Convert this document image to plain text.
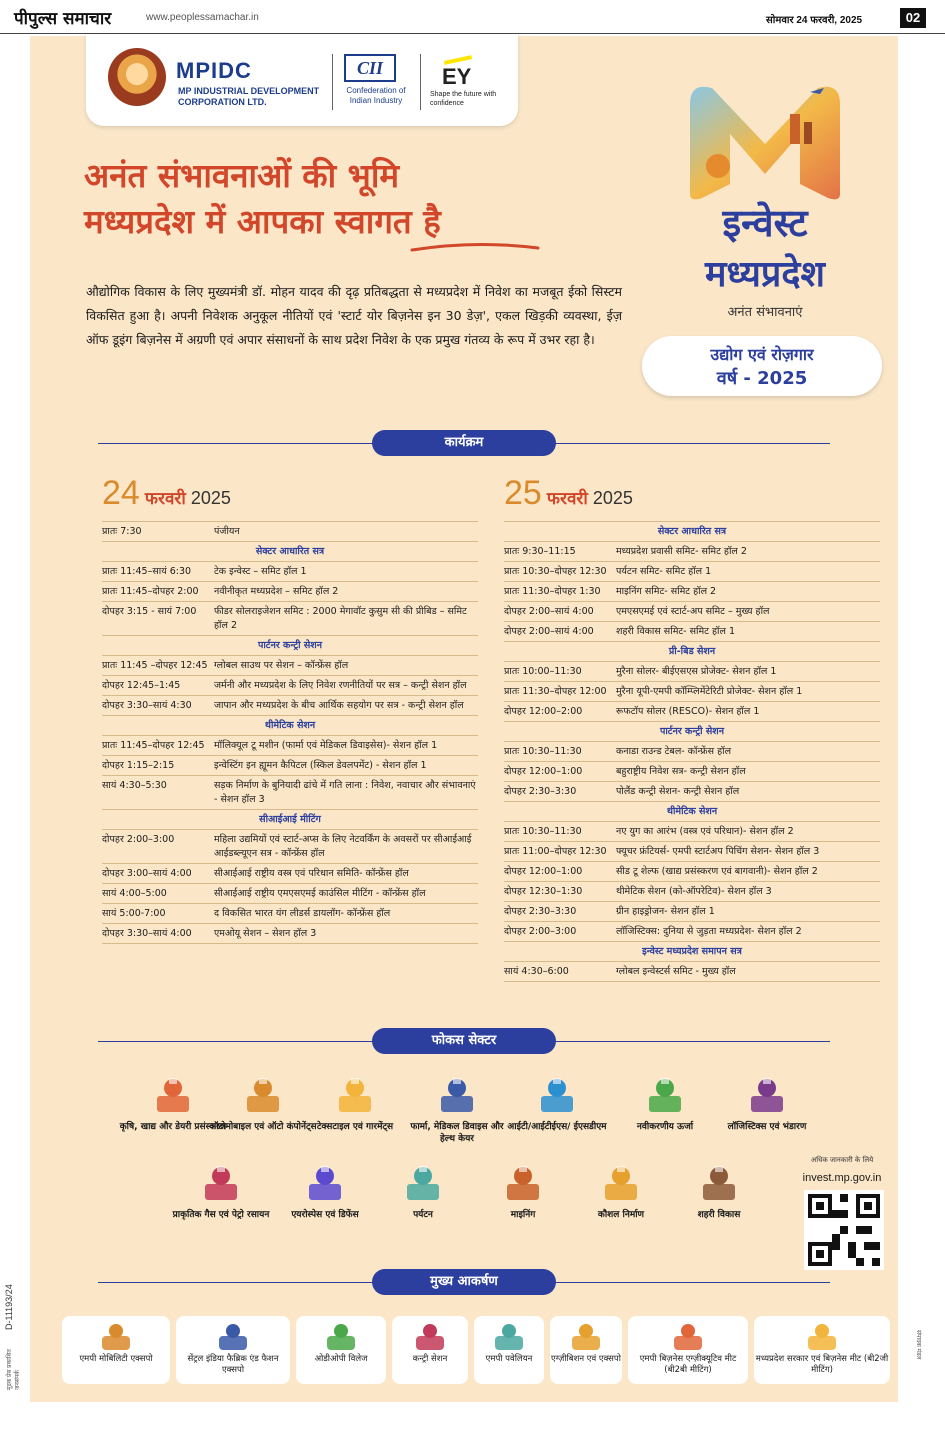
पीपुल्स समाचार	www.peoplessamachar.in	सोमवार 24 फरवरी, 2025	02
D-11193/24
मुद्रक प्रेस प्रकाशित जनसंपर्क
संपादक मंडल
MPIDC
MP INDUSTRIAL DEVELOPMENT CORPORATION LTD.
CII
Confederation of Indian Industry
EY
Shape the future with confidence
अनंत संभावनाओं की भूमि
मध्यप्रदेश में आपका स्वागत है
औद्योगिक विकास के लिए मुख्यमंत्री डॉ. मोहन यादव की दृढ़ प्रतिबद्धता से मध्यप्रदेश में निवेश का मजबूत ईको सिस्टम विकसित हुआ है। अपनी निवेशक अनुकूल नीतियों एवं 'स्टार्ट योर बिज़नेस इन 30 डेज़', एकल खिड़की व्यवस्था, ईज़ ऑफ डूइंग बिज़नेस में अग्रणी एवं अपार संसाधनों के साथ प्रदेश निवेश के एक प्रमुख गंतव्य के रूप में उभर रहा है।
इन्वेस्ट
मध्यप्रदेश
अनंत संभावनाएं
उद्योग एवं रोज़गार
वर्ष - 2025
कार्यक्रम
24 फरवरी 2025
प्रातः 7:30	पंजीयन
सेक्टर आधारित सत्र
प्रातः 11:45–सायं 6:30	टेक इन्वेस्ट – समिट हॉल 1
प्रातः 11:45–दोपहर 2:00	नवीनीकृत मध्यप्रदेश – समिट हॉल 2
दोपहर 3:15 - सायं 7:00	फीडर सोलराइजेशन समिट : 2000 मेगावॉट कुसुम सी की प्रीबिड – समिट हॉल 2
पार्टनर कन्ट्री सेशन
प्रातः 11:45 –दोपहर 12:45 ग्लोबल साउथ पर सेशन – कॉन्फ्रेंस हॉल
दोपहर 12:45–1:45	जर्मनी और मध्यप्रदेश के लिए निवेश रणनीतियों पर सत्र – कन्ट्री सेशन हॉल
दोपहर 3:30–सायं 4:30	जापान और मध्यप्रदेश के बीच आर्थिक सहयोग पर सत्र - कन्ट्री सेशन हॉल
थीमेटिक सेशन
प्रातः 11:45–दोपहर 12:45 मॉलिक्यूल टू मशीन (फार्मा एवं मेडिकल डिवाइसेस)- सेशन हॉल 1
दोपहर 1:15–2:15	इन्वेस्टिंग इन ह्यूमन कैपिटल (स्किल डेवलपमेंट) - सेशन हॉल 1
सायं 4:30–5:30	सड़क निर्माण के बुनियादी ढांचे में गति लाना : निवेश, नवाचार और संभावनाएं - सेशन हॉल 3
सीआईआई मीटिंग
दोपहर 2:00–3:00	महिला उद्यमियों एवं स्टार्ट-अप्स के लिए नेटवर्किंग के अवसरों पर सीआईआई आईडब्ल्यूएन सत्र - कॉन्फ्रेंस हॉल
दोपहर 3:00–सायं 4:00	सीआईआई राष्ट्रीय वस्त्र एवं परिधान समिति- कॉन्फ्रेंस हॉल
सायं 4:00–5:00	सीआईआई राष्ट्रीय एमएसएमई काउंसिल मीटिंग - कॉन्फ्रेंस हॉल
सायं 5:00-7:00	द विकसित भारत यंग लीडर्स डायलॉग- कॉन्फ्रेंस हॉल
दोपहर 3:30–सायं 4:00	एमओयू सेशन – सेशन हॉल 3
25 फरवरी 2025
सेक्टर आधारित सत्र
प्रातः 9:30–11:15	मध्यप्रदेश प्रवासी समिट- समिट हॉल 2
प्रातः 10:30–दोपहर 12:30 पर्यटन समिट- समिट हॉल 1
प्रातः 11:30–दोपहर 1:30	माइनिंग समिट- समिट हॉल 2
दोपहर 2:00–सायं 4:00	एमएसएमई एवं स्टार्ट-अप समिट – मुख्य हॉल
दोपहर 2:00–सायं 4:00	शहरी विकास समिट- समिट हॉल 1
प्री-बिड सेशन
प्रातः 10:00–11:30	मुरैना सोलर- बीईएसएस प्रोजेक्ट- सेशन हॉल 1
प्रातः 11:30–दोपहर 12:00 मुरैना यूपी-एमपी कॉम्प्लिमेंटेरिटी प्रोजेक्ट- सेशन हॉल 1
दोपहर 12:00–2:00	रूफटॉप सोलर (RESCO)- सेशन हॉल 1
पार्टनर कन्ट्री सेशन
प्रातः 10:30–11:30	कनाडा राउन्ड टेबल- कॉन्फ्रेंस हॉल
दोपहर 12:00–1:00	बहुराष्ट्रीय निवेश सत्र- कन्ट्री सेशन हॉल
दोपहर 2:30–3:30	पोलैंड कन्ट्री सेशन- कन्ट्री सेशन हॉल
थीमेटिक सेशन
प्रातः 10:30–11:30	नए युग का आरंभ (वस्त्र एवं परिधान)- सेशन हॉल 2
प्रातः 11:00–दोपहर 12:30 फ्यूचर फ्रंटियर्स- एमपी स्टार्टअप पिचिंग सेशन- सेशन हॉल 3
दोपहर 12:00–1:00	सीड टू शेल्फ (खाद्य प्रसंस्करण एवं बागवानी)- सेशन हॉल 2
दोपहर 12:30–1:30	थीमेटिक सेशन (को-ऑपरेटिव)- सेशन हॉल 3
दोपहर 2:30–3:30	ग्रीन हाइड्रोजन- सेशन हॉल 1
दोपहर 2:00–3:00	लॉजिस्टिक्स: दुनिया से जुड़ता मध्यप्रदेश- सेशन हॉल 2
इन्वेस्ट मध्यप्रदेश समापन सत्र
सायं 4:30–6:00	ग्लोबल इन्वेस्टर्स समिट - मुख्य हॉल
फोकस सेक्टर
कृषि, खाद्य और डेयरी प्रसंस्करण
ऑटोमोबाइल एवं ऑटो कंपोनेंट्स टेक्सटाइल एवं गारमेंट्स	फार्मा, मेडिकल डिवाइस और हेल्थ केयर
आईटी/आईटीईएस/ ईएसडीएम	नवीकरणीय ऊर्जा	लॉजिस्टिक्स एवं भंडारण
प्राकृतिक गैस एवं पेट्रो रसायन	एयरोस्पेस एवं डिफेंस	पर्यटन	माइनिंग	कौशल निर्माण	शहरी विकास
अधिक जानकारी के लिये
invest.mp.gov.in
मुख्य आकर्षण
एमपी मोबिलिटी एक्सपो	सेंट्रल इंडिया फैब्रिक एंड फैशन एक्सपो
ओडीओपी विलेज	कन्ट्री सेशन	एमपी पवेलियन	एग्ज़ीबिशन एवं एक्सपो	एमपी बिज़नेस एग्ज़ीक्यूटिव मीट (बी2बी मीटिंग)
मध्यप्रदेश सरकार एवं बिज़नेस मीट (बी2जी मीटिंग)
